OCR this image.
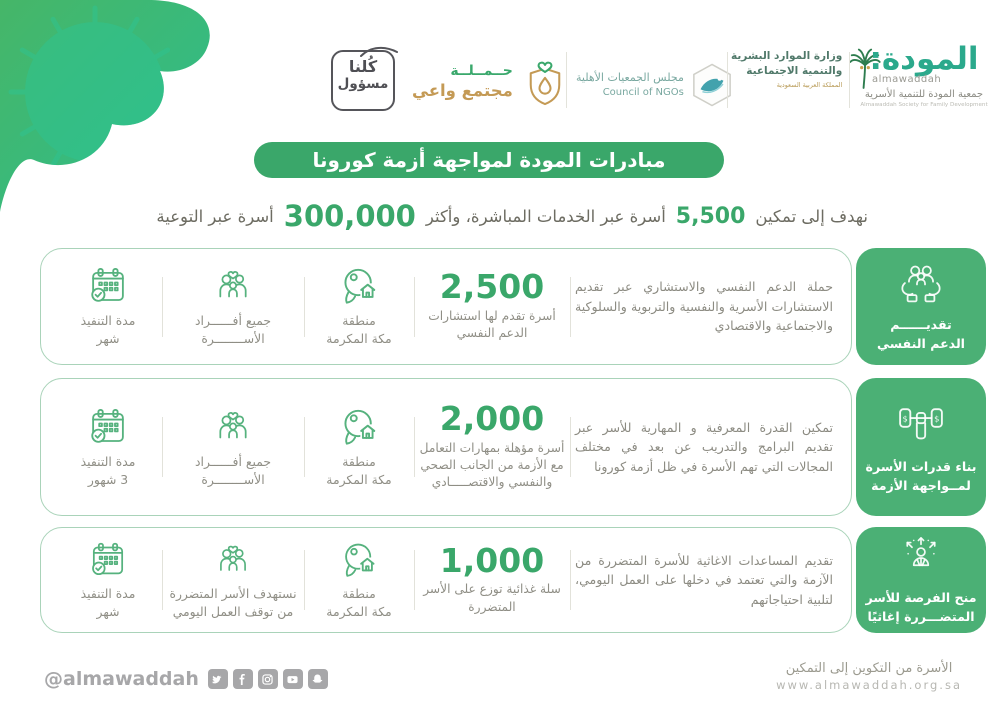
كُلنا
مسؤول
حــمــلــة
مجتمع واعي
مجلس الجمعيات الأهلية
Council of NGOs
وزارة الموارد البشرية
والتنمية الاجتماعية
المملكة العربية السعودية
المودة:
almawaddah
جمعية المودة للتنمية الأسرية
Almawaddah Society for Family Development
مبادرات المودة لمواجهة أزمة كورونا
نهدف إلى تمكين
5,500
أسرة عبر الخدمات المباشرة، وأكثر
300,000
أسرة عبر التوعية
حملة الدعم النفسي والاستشاري عبر تقديم الاستشارات الأسرية والنفسية والتربوية والسلوكية والاجتماعية والاقتصادي
2,500
أسرة تقدم لها استشارات الدعم النفسي
منطقة
مكة المكرمة
جميع أفــــــراد
الأســــــــرة
مدة التنفيذ
شهر
تقديــــــم
الدعم النفسي
تمكين القدرة المعرفية و المهارية للأسر عبر تقديم البرامج والتدريب عن بعد في مختلف المجالات التي تهم الأسرة في ظل أزمة كورونا
2,000
أسرة مؤهلة بمهارات التعامل مع الأزمة من الجانب الصحي والنفسي والاقتصـــــادي
منطقة
مكة المكرمة
جميع أفــــــراد
الأســــــــرة
مدة التنفيذ
3 شهور
$	$
بناء قدرات الأسرة
لمــواجهة الأزمة
تقديم المساعدات الاغاثية للأسرة المتضررة من الآزمة والتي تعتمد في دخلها على العمل اليومي، لتلبية احتياجاتهم
1,000
سلة غذائية توزع على الأسر المتضررة
منطقة
مكة المكرمة
نستهدف الأسر المتضررة
من توقف العمل اليومي
مدة التنفيذ
شهر
منح الفرصة للأسر
المتضـــررة إغاثيًا
@almawaddah	الأسرة من التكوين إلى التمكين
www.almawaddah.org.sa
